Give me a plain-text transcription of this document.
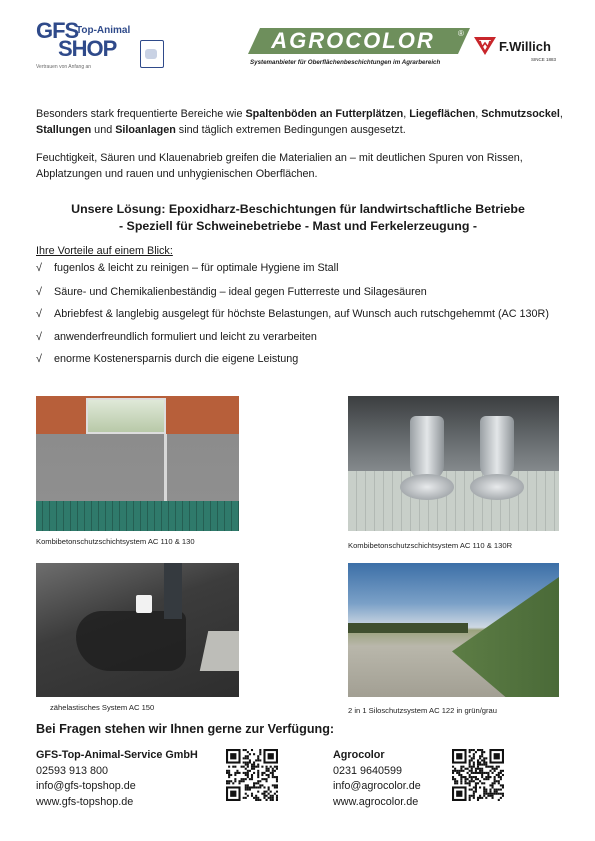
GFS
Top-Animal
SHOP
Vertrauen von Anfang an
AGROCOLOR	®
Systemanbieter für Oberflächenbeschichtungen im Agrarbereich
F.Willich
SINCE 1883
Besonders stark frequentierte Bereiche wie Spaltenböden an Futterplätzen, Liegeflächen, Schmutzsockel, Stallungen und Siloanlagen sind täglich extremen Bedingungen ausgesetzt.
Feuchtigkeit, Säuren und Klauenabrieb greifen die Materialien an – mit deutlichen Spuren von Rissen, Abplatzungen und rauen und unhygienischen Oberflächen.
Unsere Lösung: Epoxidharz-Beschichtungen für landwirtschaftliche Betriebe
- Speziell für Schweinebetriebe - Mast und Ferkelerzeugung -
Ihre Vorteile auf einem Blick:
√ fugenlos & leicht zu reinigen – für optimale Hygiene im Stall
√ Säure- und Chemikalienbeständig – ideal gegen Futterreste und Silagesäuren
√ Abriebfest & langlebig ausgelegt für höchste Belastungen, auf Wunsch auch rutschgehemmt (AC 130R)
√ anwenderfreundlich formuliert und leicht zu verarbeiten
√ enorme Kostenersparnis durch die eigene Leistung
Kombibetonschutzschichtsystem AC 110 & 130	Kombibetonschutzschichtsystem AC 110 & 130R
zähelastisches System AC 150	2 in 1 Siloschutzsystem AC 122 in grün/grau
Bei Fragen stehen wir Ihnen gerne zur Verfügung:
GFS-Top-Animal-Service GmbH
02593 913 800
info@gfs-topshop.de
www.gfs-topshop.de
Agrocolor
0231 9640599
info@agrocolor.de
www.agrocolor.de
